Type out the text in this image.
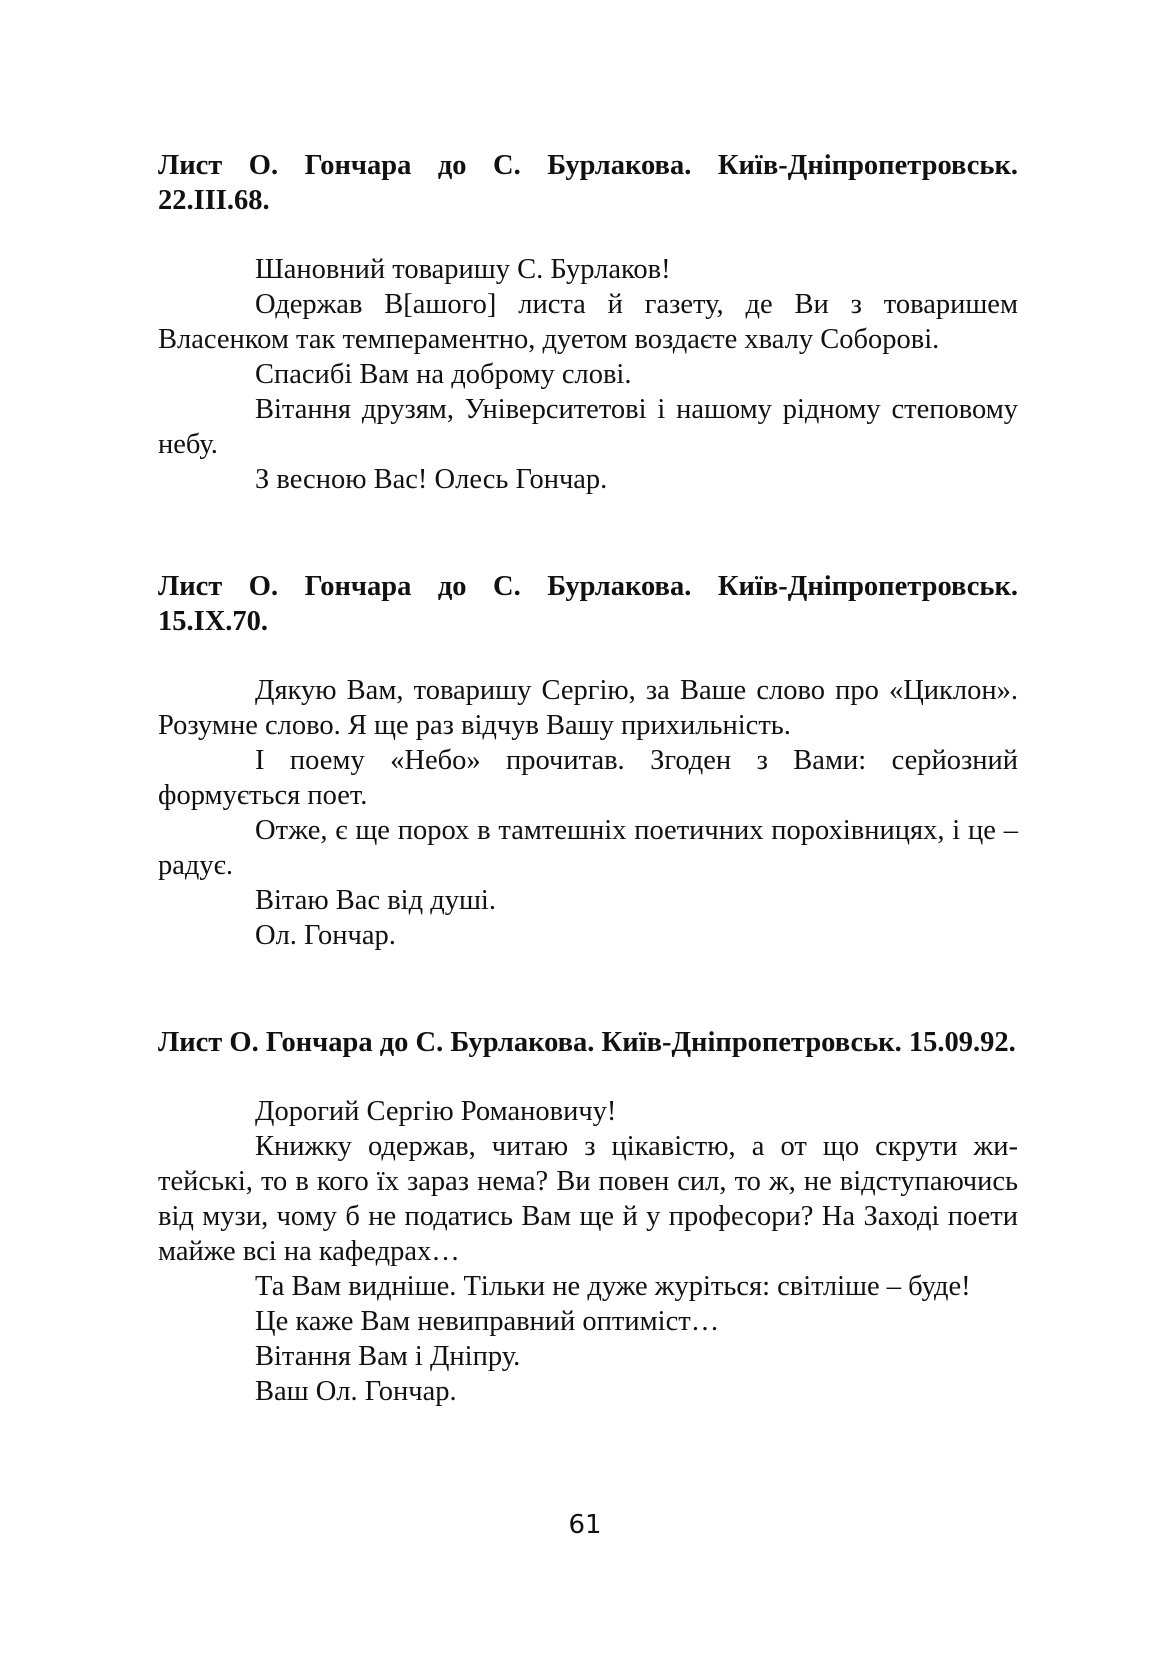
Лист О. Гончара до С. Бурлакова. Київ-Дніпропетровськ. 22.ІІІ.68.

Шановний товаришу С. Бурлаков!

Одержав В[ашого] листа й газету, де Ви з товаришем Власенком так темпераментно, дуетом воздаєте хвалу Соборові.

Спасибі Вам на доброму слові.

Вітання друзям, Університетові і нашому рідному степовому небу.

З весною Вас! Олесь Гончар.

Лист О. Гончара до С. Бурлакова. Київ-Дніпропетровськ. 15.ІХ.70.

Дякую Вам, товаришу Сергію, за Ваше слово про «Циклон». Розумне слово. Я ще раз відчув Вашу прихильність.

І поему «Небо» прочитав. Згоден з Вами: серйозний формується поет.

Отже, є ще порох в тамтешніх поетичних порохівницях, і це – радує.

Вітаю Вас від душі.

Ол. Гончар.

Лист О. Гончара до С. Бурлакова. Київ-Дніпропетровськ. 15.09.92.

Дорогий Сергію Романовичу!

Книжку одержав, читаю з цікавістю, а от що скрути житейські, то в кого їх зараз нема? Ви повен сил, то ж, не відступаючись від музи, чому б не податись Вам ще й у професори? На Заході поети майже всі на кафедрах…

Та Вам видніше. Тільки не дуже журіться: світліше – буде!

Це каже Вам невиправний оптиміст…

Вітання Вам і Дніпру.

Ваш Ол. Гончар.

61
